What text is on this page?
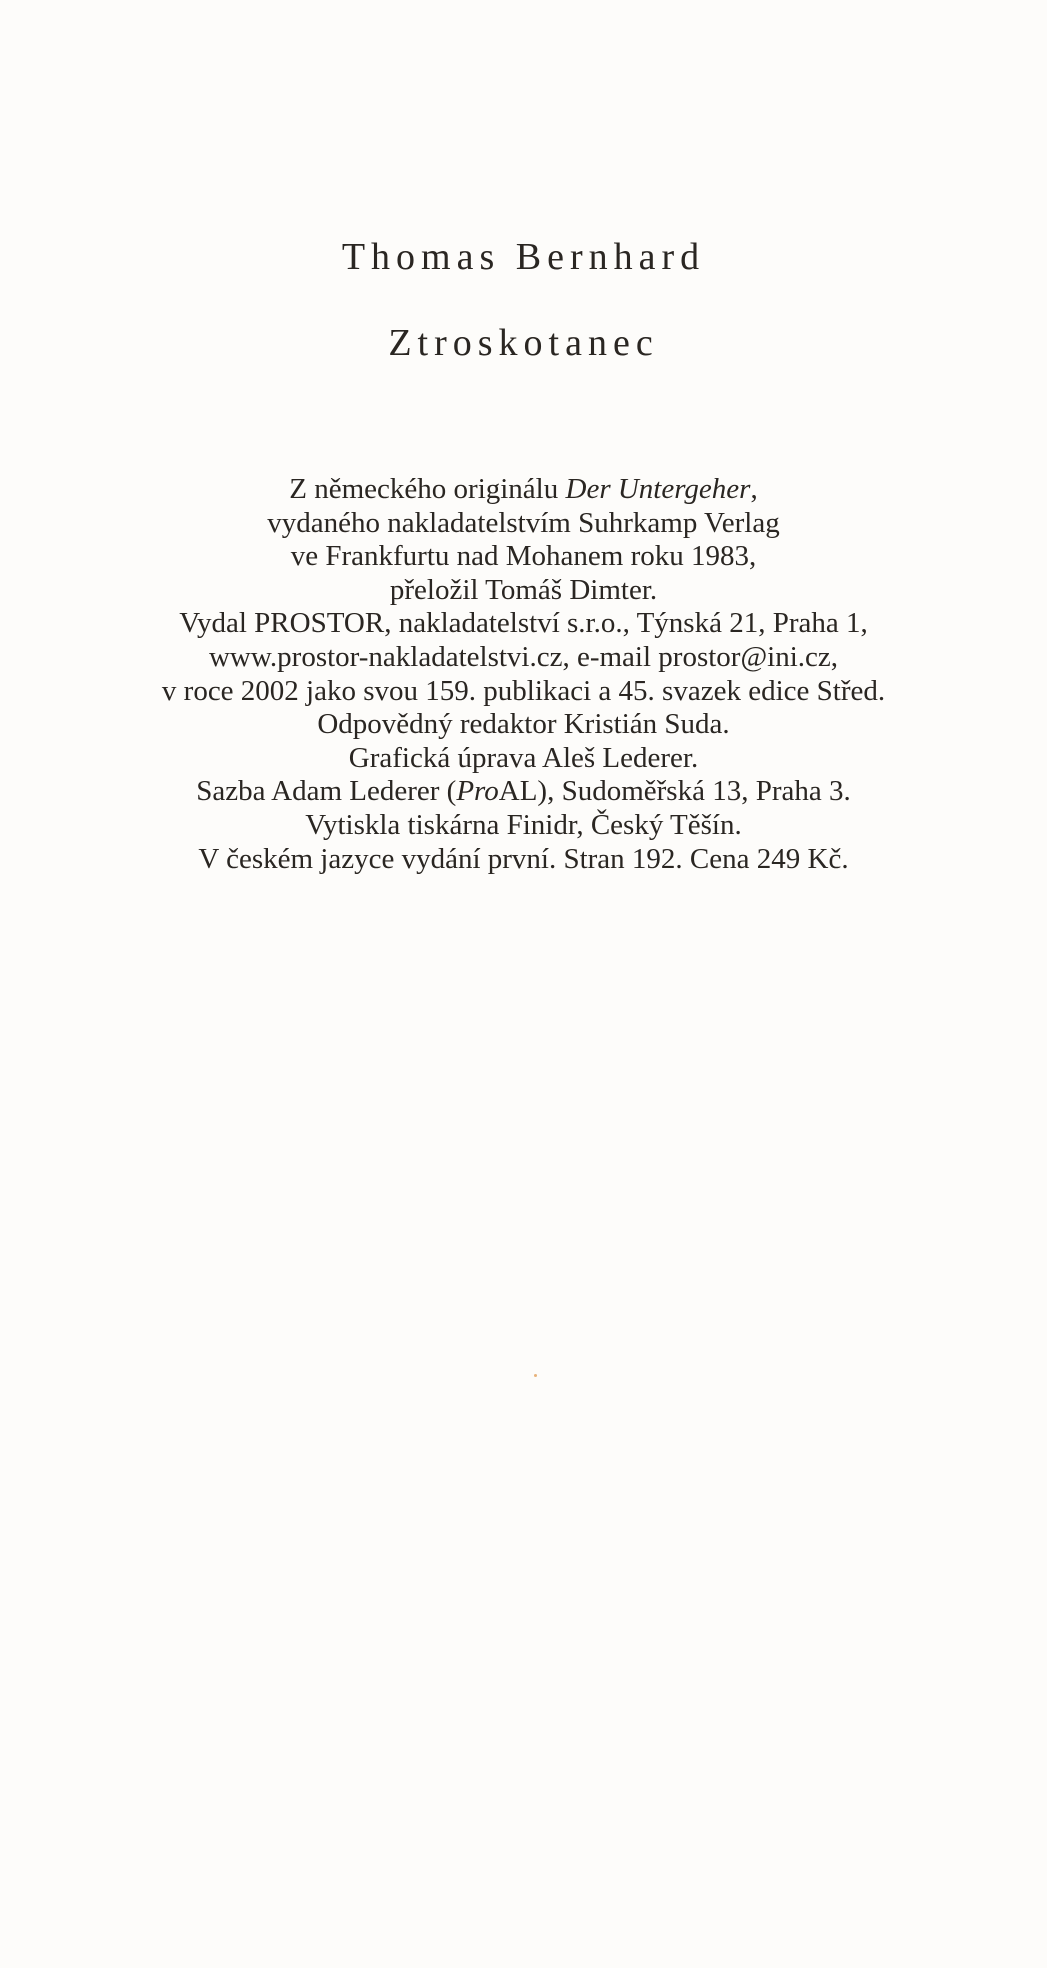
Thomas Bernhard
Ztroskotanec
Z německého originálu Der Untergeher,
vydaného nakladatelstvím Suhrkamp Verlag
ve Frankfurtu nad Mohanem roku 1983,
přeložil Tomáš Dimter.
Vydal PROSTOR, nakladatelství s.r.o., Týnská 21, Praha 1,
www.prostor-nakladatelstvi.cz, e-mail prostor@ini.cz,
v roce 2002 jako svou 159. publikaci a 45. svazek edice Střed.
Odpovědný redaktor Kristián Suda.
Grafická úprava Aleš Lederer.
Sazba Adam Lederer (ProAL), Sudoměřská 13, Praha 3.
Vytiskla tiskárna Finidr, Český Těšín.
V českém jazyce vydání první. Stran 192. Cena 249 Kč.
